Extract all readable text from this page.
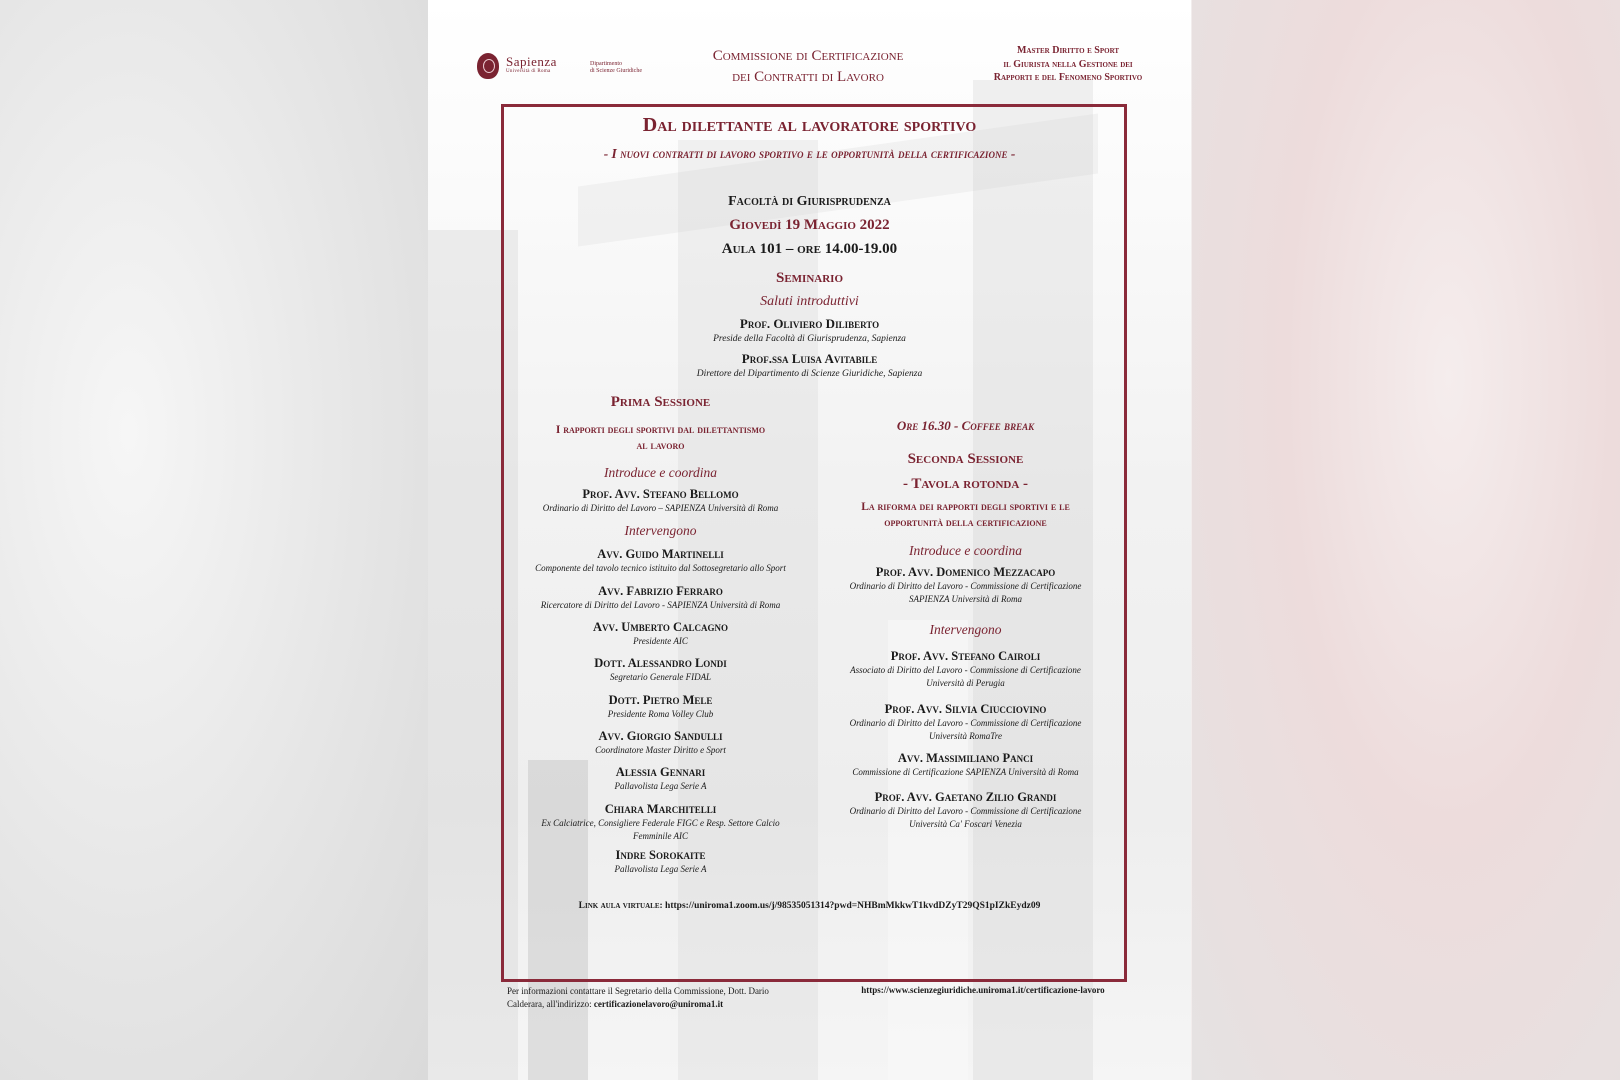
Sapienza
Università di Roma
Dipartimento
di Scienze Giuridiche
Commissione di Certificazione
dei Contratti di Lavoro
Master Diritto e Sport
il Giurista nella Gestione dei
Rapporti e del Fenomeno Sportivo
Dal dilettante al lavoratore sportivo
- I nuovi contratti di lavoro sportivo e le opportunità della certificazione -
Facoltà di Giurisprudenza
Giovedì 19 Maggio 2022
Aula 101 – ore 14.00-19.00
Seminario
Saluti introduttivi
Prof. Oliviero Diliberto
Preside della Facoltà di Giurisprudenza, Sapienza
Prof.ssa Luisa Avitabile
Direttore del Dipartimento di Scienze Giuridiche, Sapienza
Prima Sessione
I rapporti degli sportivi dal dilettantismo
al lavoro
Introduce e coordina
Prof. Avv. Stefano Bellomo
Ordinario di Diritto del Lavoro – SAPIENZA Università di Roma
Intervengono
Avv. Guido Martinelli
Componente del tavolo tecnico istituito dal Sottosegretario allo Sport
Avv. Fabrizio Ferraro
Ricercatore di Diritto del Lavoro - SAPIENZA Università di Roma
Avv. Umberto Calcagno
Presidente AIC
Dott. Alessandro Londi
Segretario Generale FIDAL
Dott. Pietro Mele
Presidente Roma Volley Club
Avv. Giorgio Sandulli
Coordinatore Master Diritto e Sport
Alessia Gennari
Pallavolista Lega Serie A
Chiara Marchitelli
Ex Calciatrice, Consigliere Federale FIGC e Resp. Settore Calcio
Femminile AIC
Indre Sorokaite
Pallavolista Lega Serie A
Ore 16.30 - Coffee break
Seconda Sessione
- Tavola rotonda -
La riforma dei rapporti degli sportivi e le
opportunità della certificazione
Introduce e coordina
Prof. Avv. Domenico Mezzacapo
Ordinario di Diritto del Lavoro - Commissione di Certificazione
SAPIENZA Università di Roma
Intervengono
Prof. Avv. Stefano Cairoli
Associato di Diritto del Lavoro - Commissione di Certificazione
Università di Perugia
Prof. Avv. Silvia Ciucciovino
Ordinario di Diritto del Lavoro - Commissione di Certificazione
Università RomaTre
Avv. Massimiliano Panci
Commissione di Certificazione SAPIENZA Università di Roma
Prof. Avv. Gaetano Zilio Grandi
Ordinario di Diritto del Lavoro - Commissione di Certificazione
Università Ca' Foscari Venezia
Link aula virtuale: https://uniroma1.zoom.us/j/98535051314?pwd=NHBmMkkwT1kvdDZyT29QS1pIZkEydz09
Per informazioni contattare il Segretario della Commissione, Dott. Dario
Calderara, all'indirizzo: certificazionelavoro@uniroma1.it
https://www.scienzegiuridiche.uniroma1.it/certificazione-lavoro
